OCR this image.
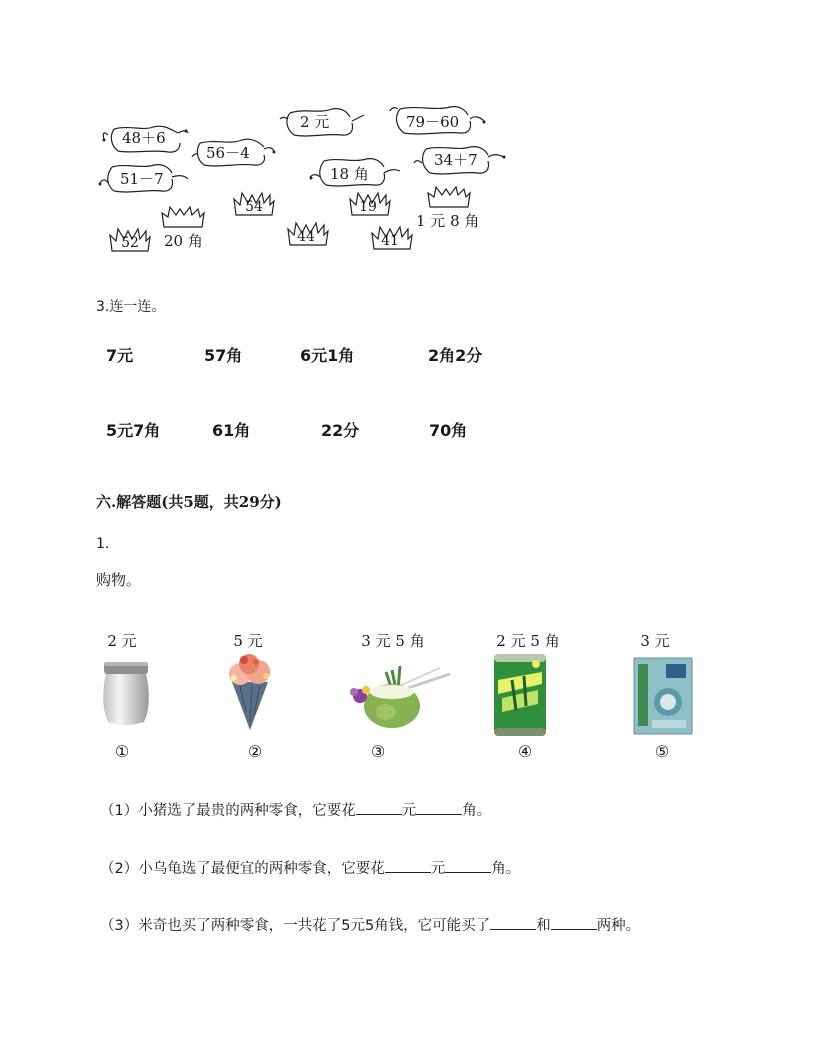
48＋6
56－4
2 元	79－60
51－7	18 角
34＋7
54	19
52	44	41
20 角
1 元 8 角
3.连一连。
7元	57角	6元1角	2角2分
5元7角	61角	22分	70角
六.解答题(共5题，共29分)
1.
购物。
2 元
①
5 元
②
3 元 5 角
③
2 元 5 角
④
3 元
⑤
（1）小猪选了最贵的两种零食，它要花	元	角。
（2）小乌龟选了最便宜的两种零食，它要花	元	角。
（3）米奇也买了两种零食，一共花了5元5角钱，它可能买了	和	两种。
